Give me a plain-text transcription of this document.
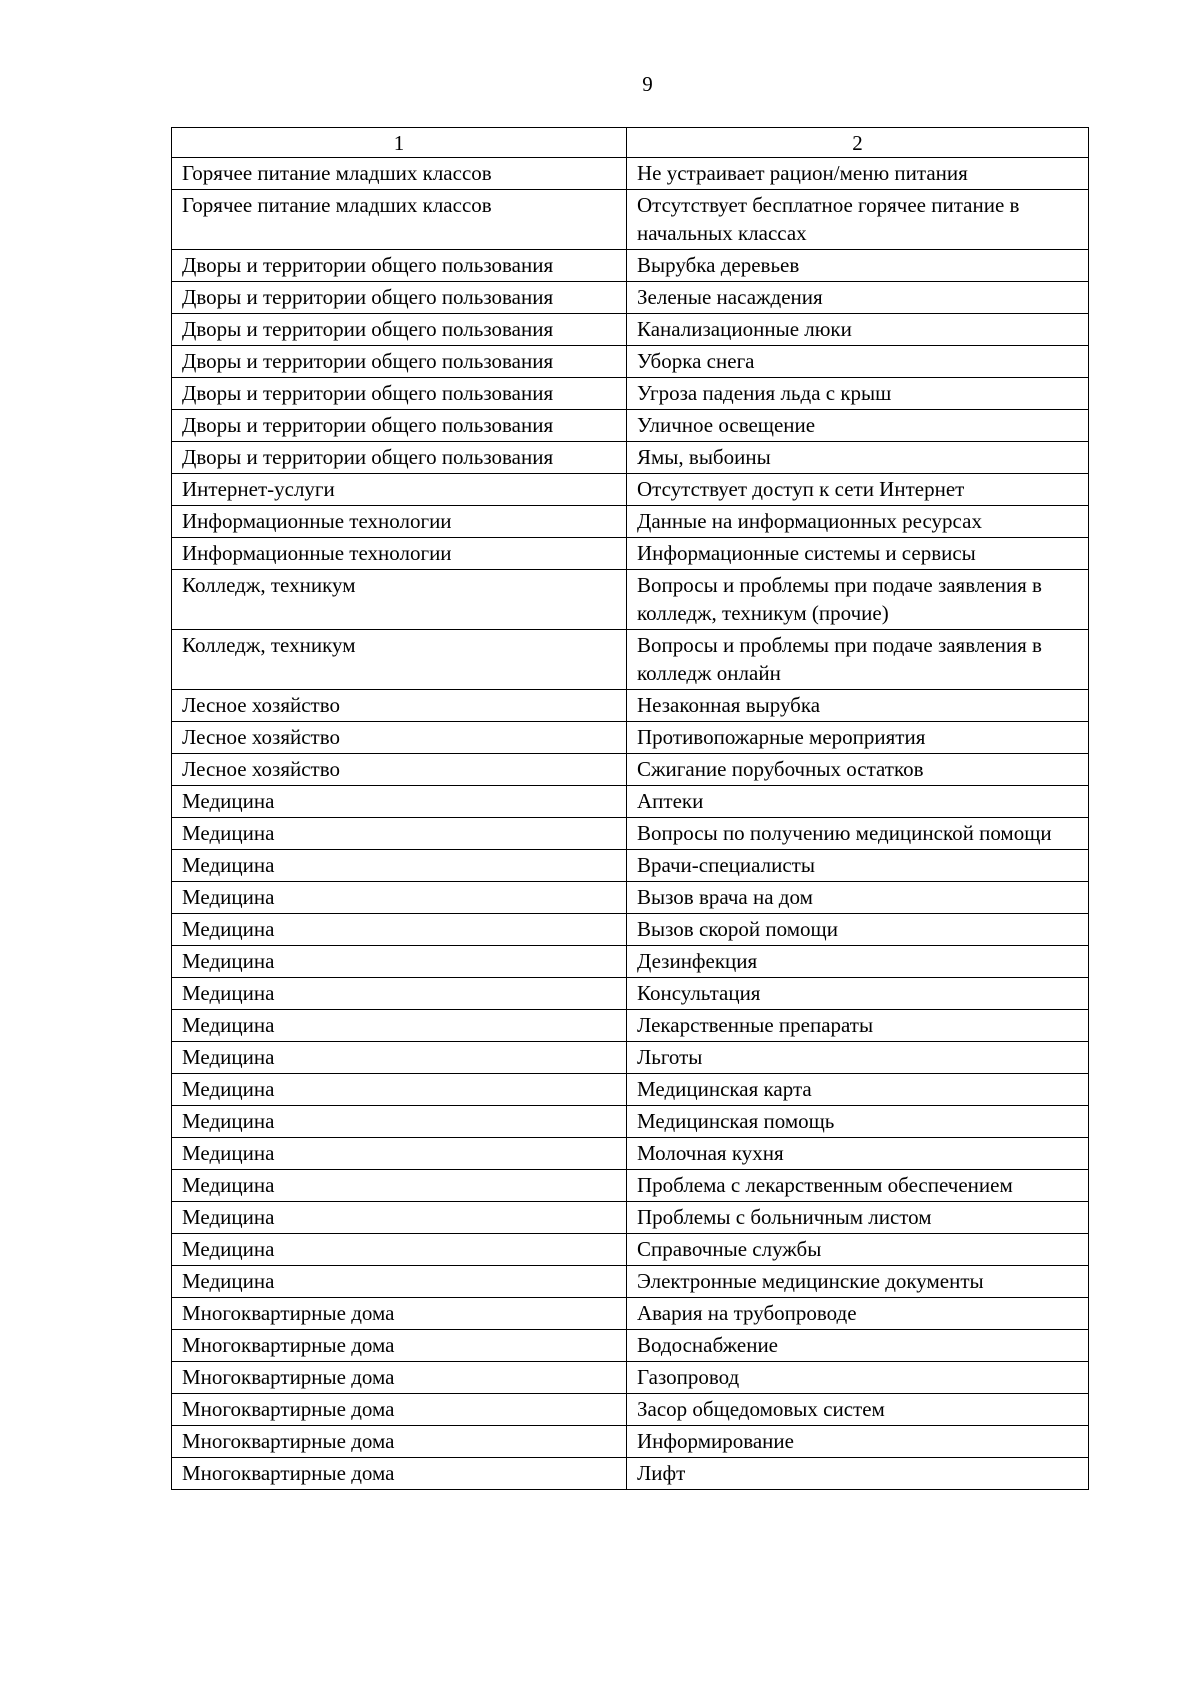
9
1	2
Горячее питание младших классов	Не устраивает рацион/меню питания
Горячее питание младших классов	Отсутствует бесплатное горячее питание в начальных классах
Дворы и территории общего пользования	Вырубка деревьев
Дворы и территории общего пользования	Зеленые насаждения
Дворы и территории общего пользования	Канализационные люки
Дворы и территории общего пользования	Уборка снега
Дворы и территории общего пользования	Угроза падения льда с крыш
Дворы и территории общего пользования	Уличное освещение
Дворы и территории общего пользования	Ямы, выбоины
Интернет-услуги	Отсутствует доступ к сети Интернет
Информационные технологии	Данные на информационных ресурсах
Информационные технологии	Информационные системы и сервисы
Колледж, техникум	Вопросы и проблемы при подаче заявления в колледж, техникум (прочие)
Колледж, техникум	Вопросы и проблемы при подаче заявления в колледж онлайн
Лесное хозяйство	Незаконная вырубка
Лесное хозяйство	Противопожарные мероприятия
Лесное хозяйство	Сжигание порубочных остатков
Медицина	Аптеки
Медицина	Вопросы по получению медицинской помощи
Медицина	Врачи-специалисты
Медицина	Вызов врача на дом
Медицина	Вызов скорой помощи
Медицина	Дезинфекция
Медицина	Консультация
Медицина	Лекарственные препараты
Медицина	Льготы
Медицина	Медицинская карта
Медицина	Медицинская помощь
Медицина	Молочная кухня
Медицина	Проблема с лекарственным обеспечением
Медицина	Проблемы с больничным листом
Медицина	Справочные службы
Медицина	Электронные медицинские документы
Многоквартирные дома	Авария на трубопроводе
Многоквартирные дома	Водоснабжение
Многоквартирные дома	Газопровод
Многоквартирные дома	Засор общедомовых систем
Многоквартирные дома	Информирование
Многоквартирные дома	Лифт
